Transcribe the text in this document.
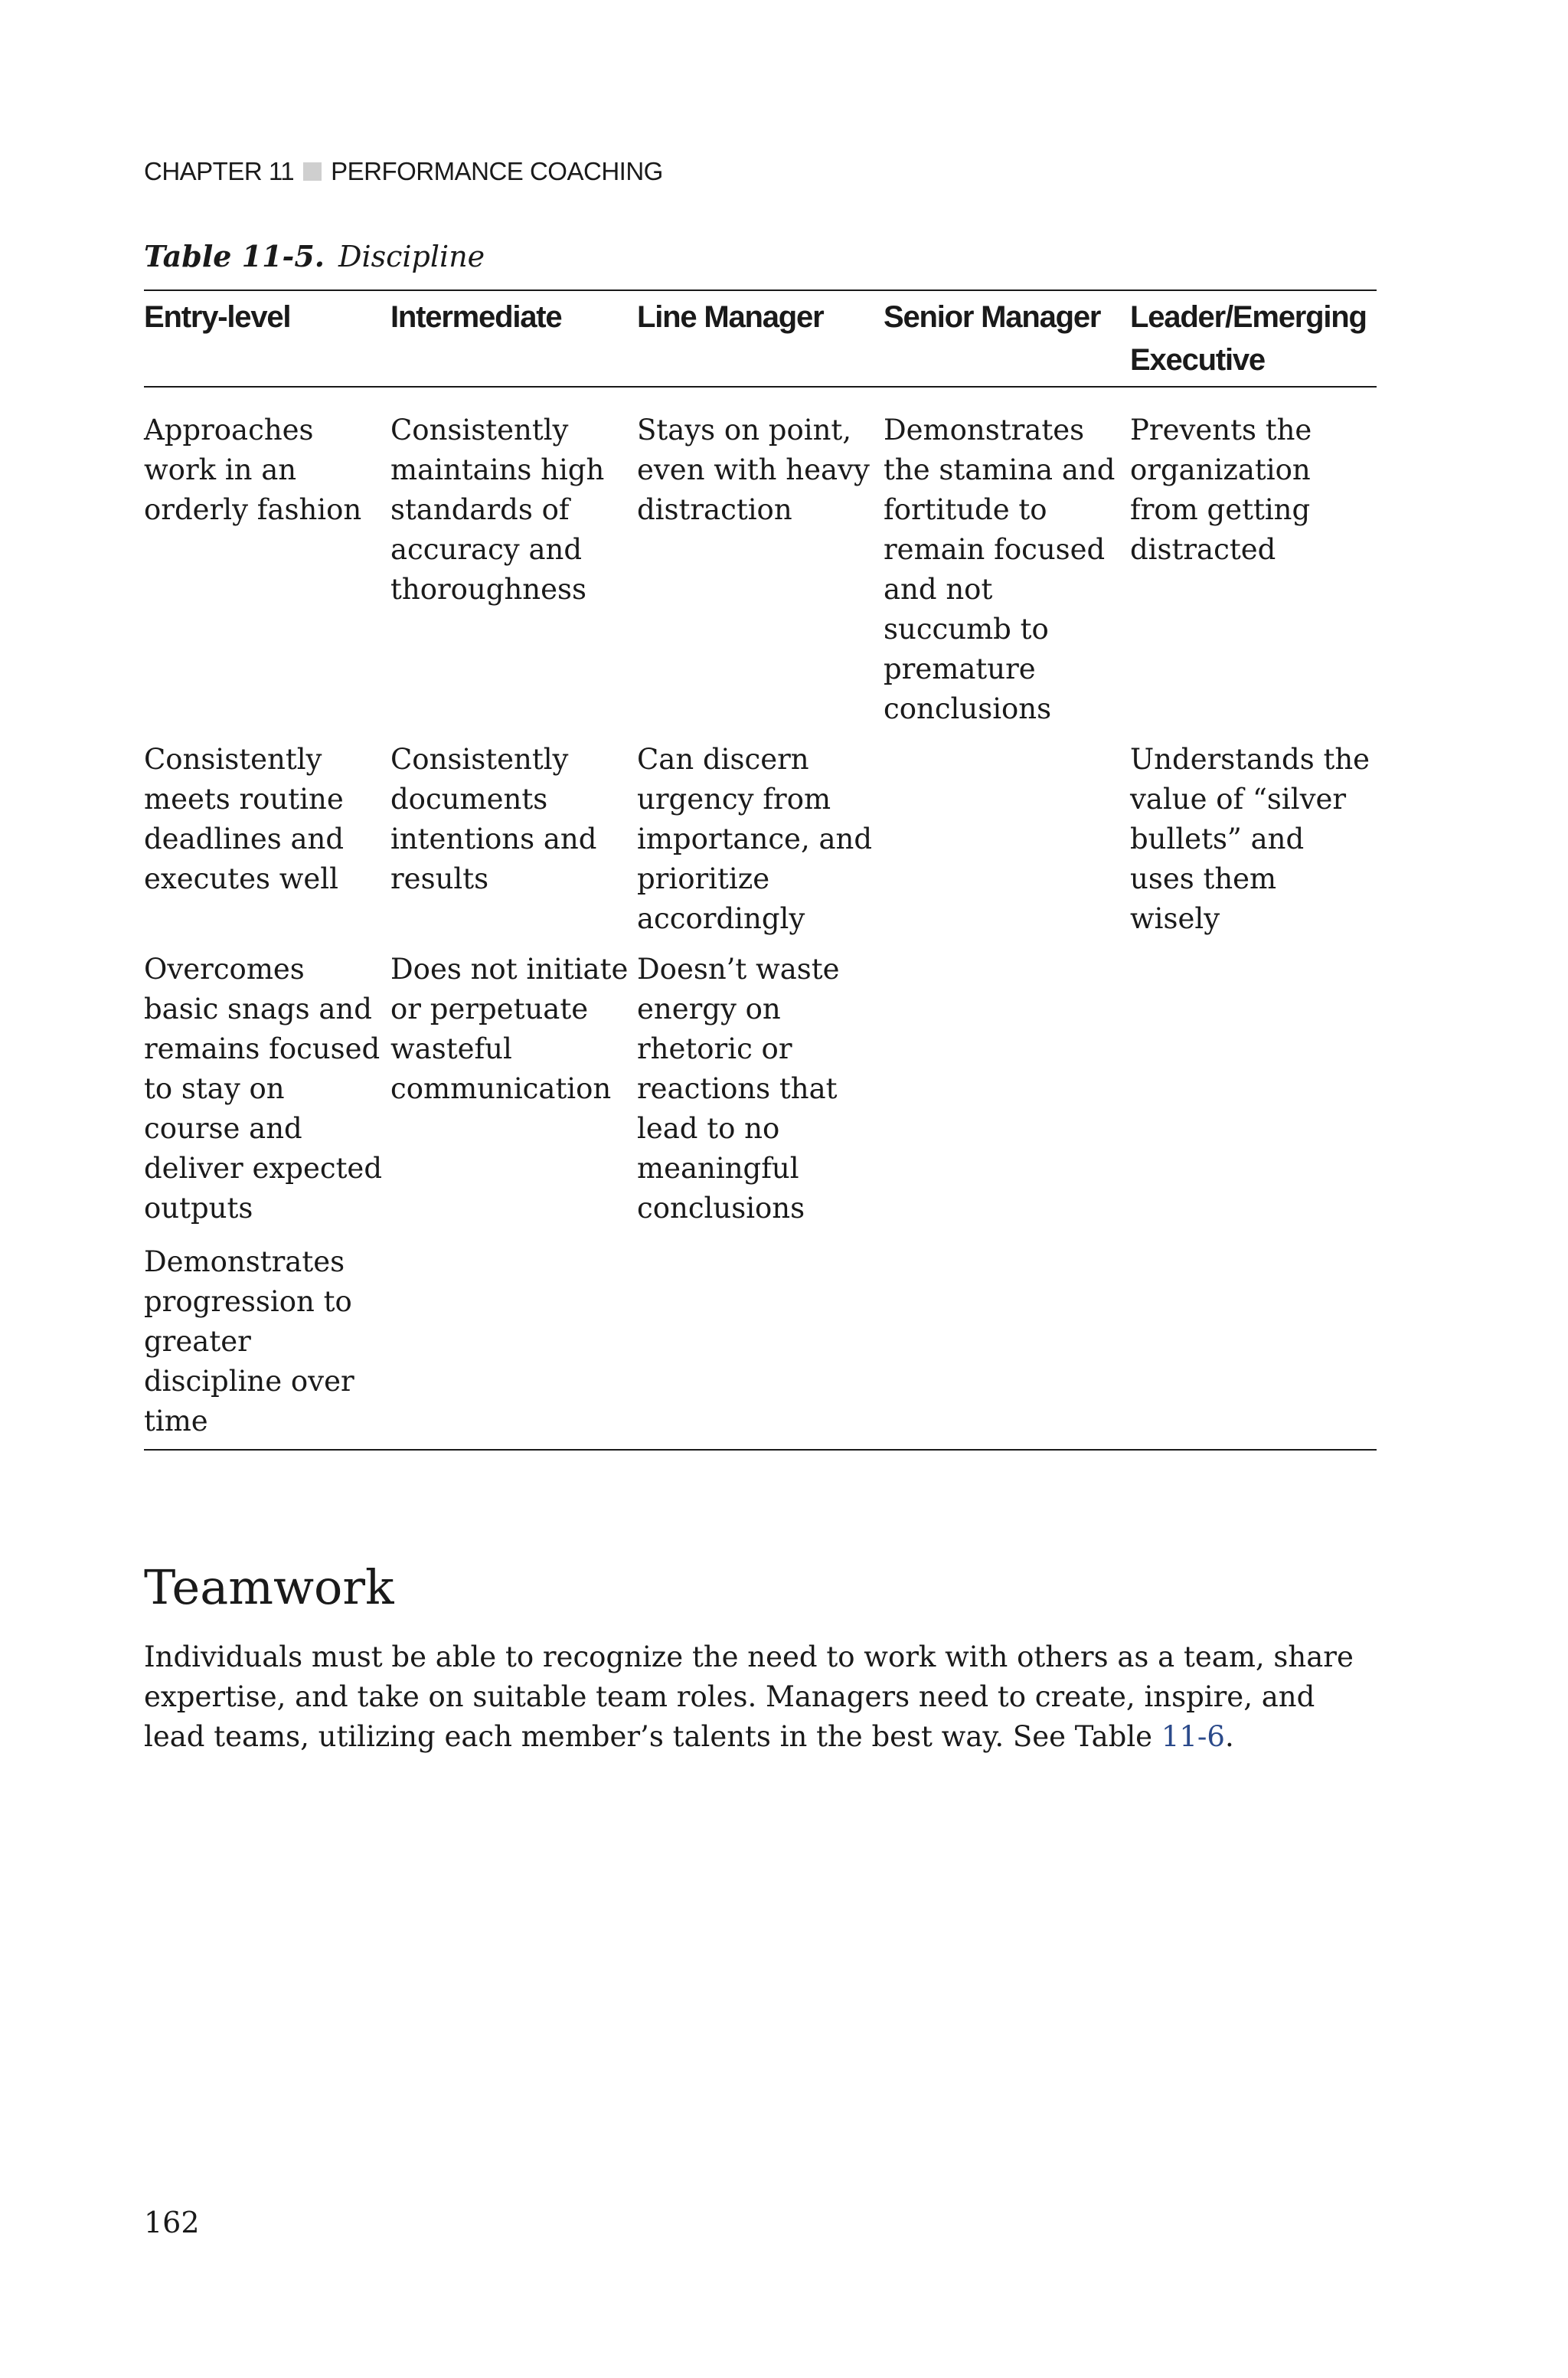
CHAPTER 11 PERFORMANCE COACHING
Table 11-5. Discipline
Entry-level	Intermediate	Line Manager	Senior Manager	Leader/Emerging Executive
Approaches work in an orderly fashion	Consistently maintains high standards of accuracy and thoroughness	Stays on point, even with heavy distraction	Demonstrates the stamina and fortitude to remain focused and not succumb to premature conclusions	Prevents the organization from getting distracted
Consistently meets routine deadlines and executes well	Consistently documents intentions and results	Can discern urgency from importance, and prioritize accordingly		Understands the value of “silver bullets” and uses them wisely
Overcomes basic snags and remains focused to stay on course and deliver expected outputs	Does not initiate or perpetuate wasteful communication	Doesn’t waste energy on rhetoric or reactions that lead to no meaningful conclusions		
Demonstrates progression to greater discipline over time				
Teamwork

Individuals must be able to recognize the need to work with others as a team, share expertise, and take on suitable team roles. Managers need to create, inspire, and lead teams, utilizing each member’s talents in the best way. See Table 11-6.

162
